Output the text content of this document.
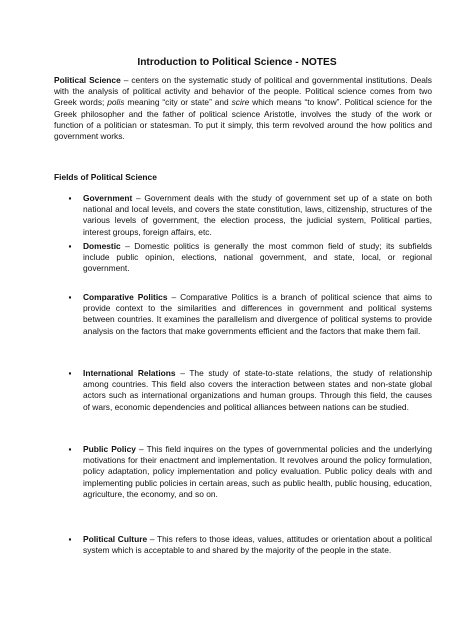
Introduction to Political Science - NOTES

Political Science – centers on the systematic study of political and governmental institutions. Deals with the analysis of political activity and behavior of the people. Political science comes from two Greek words; polis meaning “city or state” and scire which means “to know”. Political science for the Greek philosopher and the father of political science Aristotle, involves the study of the work or function of a politician or statesman. To put it simply, this term revolved around the how politics and government works.

Fields of Political Science

▪ Government – Government deals with the study of government set up of a state on both national and local levels, and covers the state constitution, laws, citizenship, structures of the various levels of government, the election process, the judicial system, Political parties, interest groups, foreign affairs, etc.

▪ Domestic – Domestic politics is generally the most common field of study; its subfields include public opinion, elections, national government, and state, local, or regional government.

▪ Comparative Politics – Comparative Politics is a branch of political science that aims to provide context to the similarities and differences in government and political systems between countries. It examines the parallelism and divergence of political systems to provide analysis on the factors that make governments efficient and the factors that make them fail.

▪ International Relations – The study of state-to-state relations, the study of relationship among countries. This field also covers the interaction between states and non-state global actors such as international organizations and human groups. Through this field, the causes of wars, economic dependencies and political alliances between nations can be studied.

▪ Public Policy – This field inquires on the types of governmental policies and the underlying motivations for their enactment and implementation. It revolves around the policy formulation, policy adaptation, policy implementation and policy evaluation. Public policy deals with and implementing public policies in certain areas, such as public health, public housing, education, agriculture, the economy, and so on.

▪ Political Culture – This refers to those ideas, values, attitudes or orientation about a political system which is acceptable to and shared by the majority of the people in the state.
